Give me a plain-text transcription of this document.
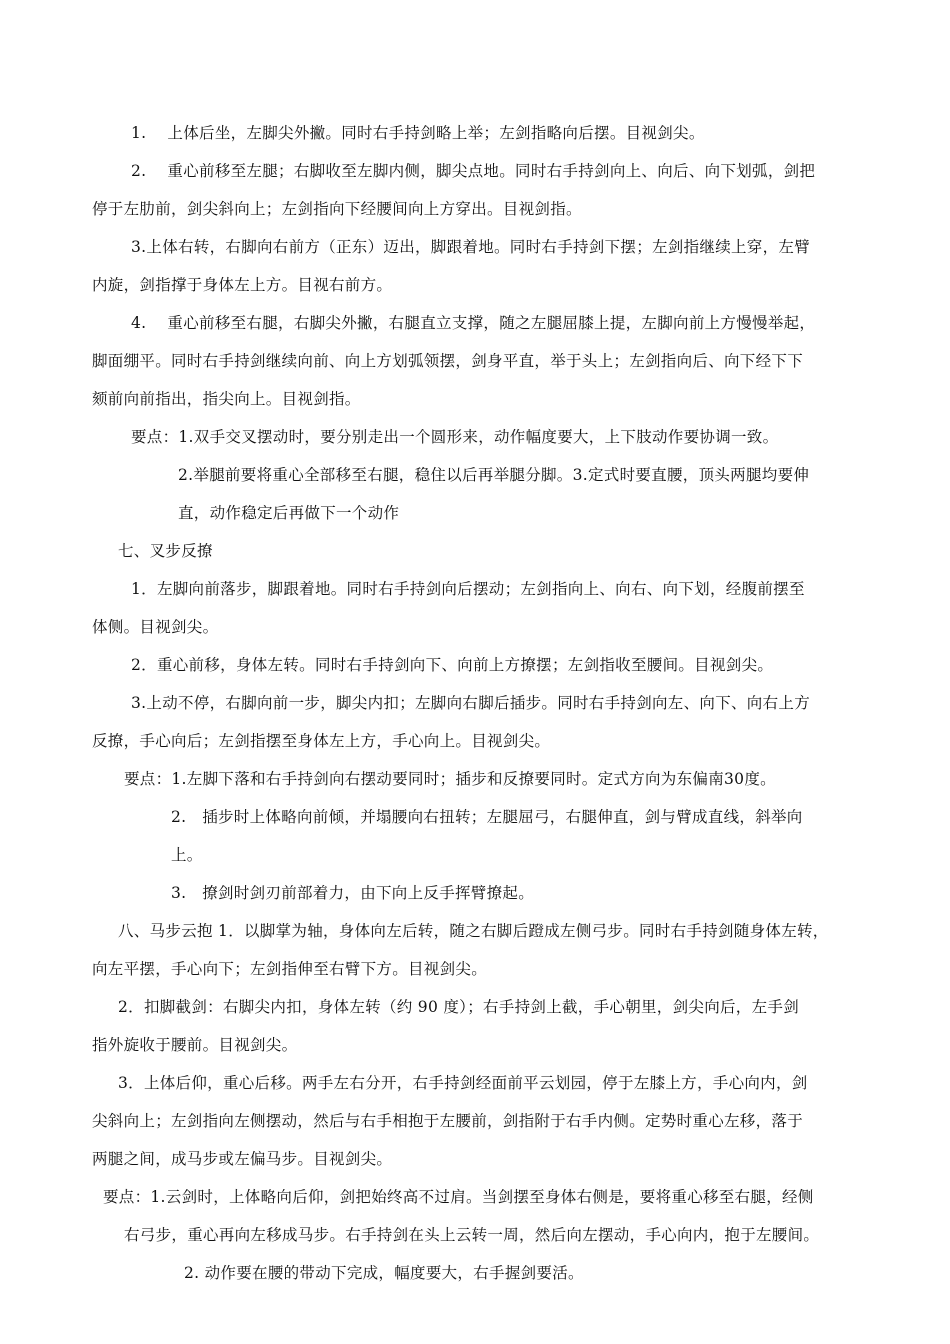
1.　 上体后坐，左脚尖外撇。同时右手持剑略上举；左剑指略向后摆。目视剑尖。
2.　 重心前移至左腿；右脚收至左脚内侧，脚尖点地。同时右手持剑向上、向后、向下划弧，剑把
停于左肋前，剑尖斜向上；左剑指向下经腰间向上方穿出。目视剑指。
3.上体右转，右脚向右前方（正东）迈出，脚跟着地。同时右手持剑下摆；左剑指继续上穿，左臂
内旋，剑指撑于身体左上方。目视右前方。
4.　 重心前移至右腿，右脚尖外撇，右腿直立支撑，随之左腿屈膝上提，左脚向前上方慢慢举起，
脚面绷平。同时右手持剑继续向前、向上方划弧领摆，剑身平直，举于头上；左剑指向后、向下经下下
颏前向前指出，指尖向上。目视剑指。
要点：1.双手交叉摆动时，要分别走出一个圆形来，动作幅度要大，上下肢动作要协调一致。
2.举腿前要将重心全部移至右腿，稳住以后再举腿分脚。3.定式时要直腰，顶头两腿均要伸
直，动作稳定后再做下一个动作
七、叉步反撩
1．左脚向前落步，脚跟着地。同时右手持剑向后摆动；左剑指向上、向右、向下划，经腹前摆至
体侧。目视剑尖。
2．重心前移，身体左转。同时右手持剑向下、向前上方撩摆；左剑指收至腰间。目视剑尖。
3.上动不停，右脚向前一步，脚尖内扣；左脚向右脚后插步。同时右手持剑向左、向下、向右上方
反撩，手心向后；左剑指摆至身体左上方，手心向上。目视剑尖。
要点：1.左脚下落和右手持剑向右摆动要同时；插步和反撩要同时。定式方向为东偏南30度。
2.　插步时上体略向前倾，并塌腰向右扭转；左腿屈弓，右腿伸直，剑与臂成直线，斜举向
上。
3.　撩剑时剑刃前部着力，由下向上反手挥臂撩起。
八、马步云抱 1．以脚掌为轴，身体向左后转，随之右脚后蹬成左侧弓步。同时右手持剑随身体左转，
向左平摆，手心向下；左剑指伸至右臂下方。目视剑尖。
2．扣脚截剑：右脚尖内扣，身体左转（约 90 度）；右手持剑上截，手心朝里，剑尖向后，左手剑
指外旋收于腰前。目视剑尖。
3．上体后仰，重心后移。两手左右分开，右手持剑经面前平云划园，停于左膝上方，手心向内，剑
尖斜向上；左剑指向左侧摆动，然后与右手相抱于左腰前，剑指附于右手内侧。定势时重心左移，落于
两腿之间，成马步或左偏马步。目视剑尖。
要点：1.云剑时，上体略向后仰，剑把始终高不过肩。当剑摆至身体右侧是，要将重心移至右腿，经侧
右弓步，重心再向左移成马步。右手持剑在头上云转一周，然后向左摆动，手心向内，抱于左腰间。
2. 动作要在腰的带动下完成，幅度要大，右手握剑要活。
